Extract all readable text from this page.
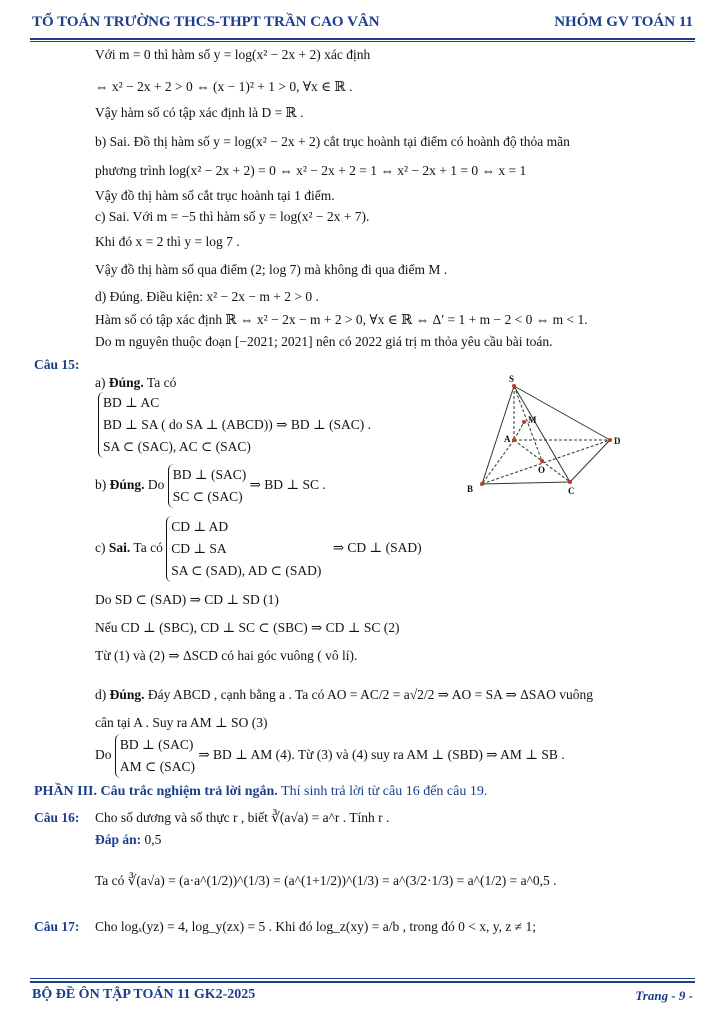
TỔ TOÁN TRƯỜNG THCS-THPT TRẦN CAO VÂN	NHÓM GV TOÁN 11
Với m = 0 thì hàm số y = log(x² − 2x + 2) xác định
⇔ x² − 2x + 2 > 0 ⇔ (x − 1)² + 1 > 0, ∀x ∈ ℝ .
Vậy hàm số có tập xác định là D = ℝ .
b) Sai. Đồ thị hàm số y = log(x² − 2x + 2) cắt trục hoành tại điểm có hoành độ thỏa mãn
phương trình log(x² − 2x + 2) = 0 ⇔ x² − 2x + 2 = 1 ⇔ x² − 2x + 1 = 0 ⇔ x = 1
Vậy đồ thị hàm số cắt trục hoành tại 1 điểm.
c) Sai. Với m = −5 thì hàm số y = log(x² − 2x + 7).
Khi đó x = 2 thì y = log 7 .
Vậy đồ thị hàm số qua điểm (2; log 7) mà không đi qua điểm M .
d) Đúng. Điều kiện: x² − 2x − m + 2 > 0 .
Hàm số có tập xác định ℝ ⇔ x² − 2x − m + 2 > 0, ∀x ∈ ℝ ⇔ Δ′ = 1 + m − 2 < 0 ⇔ m < 1.
Do m nguyên thuộc đoạn [−2021; 2021] nên có 2022 giá trị m thỏa yêu cầu bài toán.
Câu 15:
a) Đúng. Ta có
BD ⊥ AC
BD ⊥ SA ( do SA ⊥ (ABCD)) ⇒ BD ⊥ (SAC) .
SA ⊂ (SAC), AC ⊂ (SAC)
b) Đúng. Do
BD ⊥ (SAC)
SC ⊂ (SAC)
⇒ BD ⊥ SC .
c) Sai. Ta có
CD ⊥ AD
CD ⊥ SA
SA ⊂ (SAD), AD ⊂ (SAD)
⇒ CD ⊥ (SAD)
Do SD ⊂ (SAD) ⇒ CD ⊥ SD (1)
Nếu CD ⊥ (SBC), CD ⊥ SC ⊂ (SBC) ⇒ CD ⊥ SC (2)
Từ (1) và (2) ⇒ ΔSCD có hai góc vuông ( vô lí).
d) Đúng. Đáy ABCD , cạnh bằng a . Ta có AO = AC/2 = a√2/2 ⇒ AO = SA ⇒ ΔSAO vuông
cân tại A . Suy ra AM ⊥ SO (3)
Do
BD ⊥ (SAC)
AM ⊂ (SAC)
⇒ BD ⊥ AM (4). Từ (3) và (4) suy ra AM ⊥ (SBD) ⇒ AM ⊥ SB .
S
A
B	C
D
O
M
PHẦN III. Câu trắc nghiệm trả lời ngắn. Thí sinh trả lời từ câu 16 đến câu 19.
Câu 16: Cho số dương và số thực r , biết ∛(a√a) = a^r . Tính r .
Đáp án: 0,5
Ta có ∛(a√a) = (a·a^(1/2))^(1/3) = (a^(1+1/2))^(1/3) = a^(3/2·1/3) = a^(1/2) = a^0,5 .
Câu 17: Cho logₓ(yz) = 4, log_y(zx) = 5 . Khi đó log_z(xy) = a/b , trong đó 0 < x, y, z ≠ 1;
BỘ ĐỀ ÔN TẬP TOÁN 11 GK2-2025	Trang - 9 -
